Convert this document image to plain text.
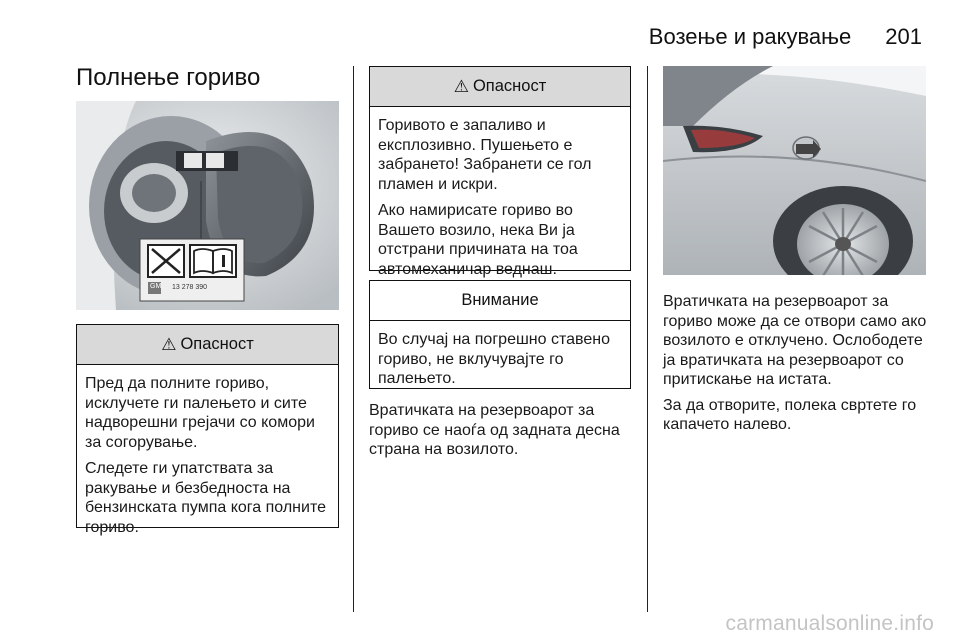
Возење и ракување 201
Полнење гориво
GM 13 278 390
⚠ Опасност

Пред да полните гориво, исклучете ги палењето и сите надворешни грејачи со комори за согорување.

Следете ги упатствата за ракување и безбедноста на бензинската пумпа кога полните гориво.

⚠ Опасност

Горивото е запаливо и експлозивно. Пушењето е забрането! Забранети се гол пламен и искри.

Ако намирисате гориво во Вашето возило, нека Ви ја отстрани причината на тоа автомеханичар веднаш.

Внимание

Во случај на погрешно ставено гориво, не вклучувајте го палењето.

Вратичката на резервоарот за гориво се наоѓа од задната десна страна на возилото.

Вратичката на резервоарот за гориво може да се отвори само ако возилото е отклучено. Ослободете ја вратичката на резервоарот со притискање на истата.

За да отворите, полека свртете го капачето налево.

carmanualsonline.info
